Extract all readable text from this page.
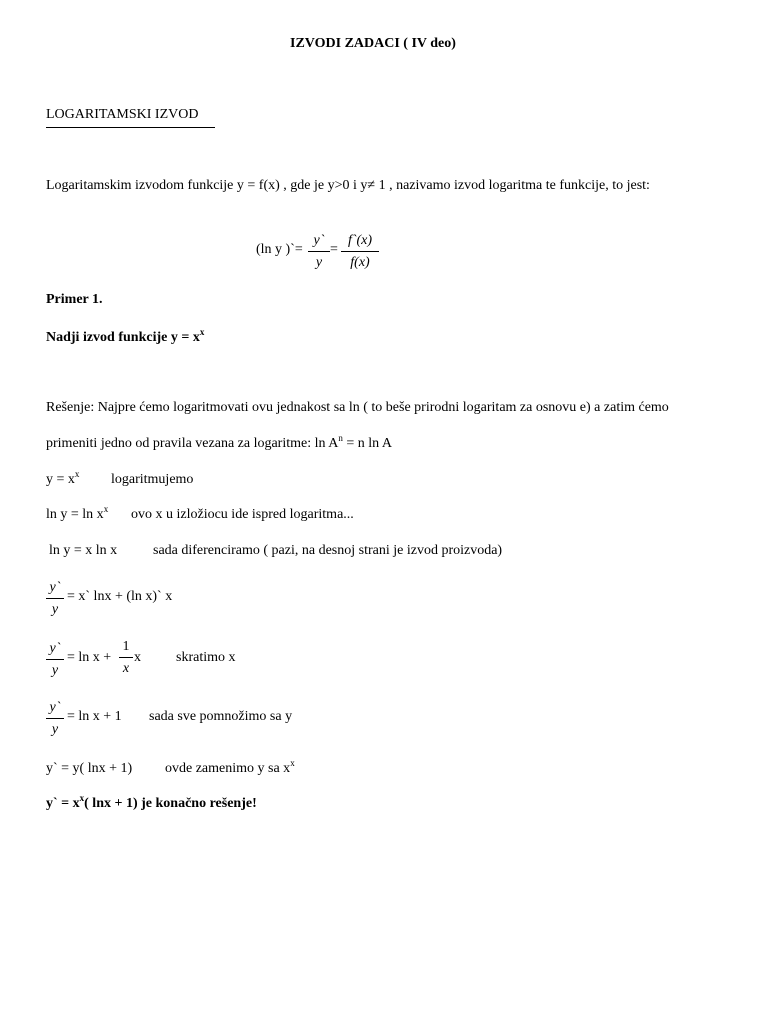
IZVODI ZADACI ( IV deo)
LOGARITAMSKI IZVOD
Logaritamskim izvodom funkcije y = f(x) , gde je y>0 i y≠ 1 , nazivamo izvod logaritma te funkcije, to jest:
(ln y )`=
y`
y
=
f`(x)
f(x)
Primer 1.
Nadji izvod funkcije $y = x^x$
Rešenje: Najpre ćemo logaritmovati ovu jednakost sa ln ( to beše prirodni logaritam za osnovu e) a zatim ćemo
primeniti jedno od pravila vezana za logaritme: $\ln A^n = n$ ln A
$y = x^x$ logaritmujemo
$\ln y = \ln x^x$ ovo x u izložiocu ide ispred logaritma...
ln y = x ln x	sada diferenciramo ( pazi, na desnoj strani je izvod proizvoda)
y`
y
= x` lnx + (ln x)` x
y`
y
= ln x +
1
x
x	skratimo x
y`
y
= ln x + 1 sada sve pomnožimo sa y
y` = y( lnx + 1) ovde zamenimo y sa $x^x$
y` = $x^x$( lnx + 1) je konačno rešenje!
